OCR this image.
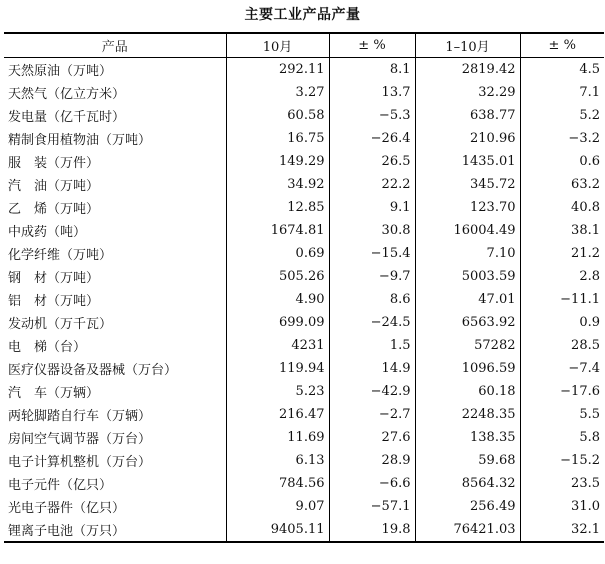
主要工业产品产量
产品	10月	± %	1–10月	± %
天然原油（万吨）	292.11	8.1	2819.42	4.5
天然气（亿立方米）	3.27	13.7	32.29	7.1
发电量（亿千瓦时）	60.58	−5.3	638.77	5.2
精制食用植物油（万吨）	16.75	−26.4	210.96	−3.2
服　装（万件）	149.29	26.5	1435.01	0.6
汽　油（万吨）	34.92	22.2	345.72	63.2
乙　烯（万吨）	12.85	9.1	123.70	40.8
中成药（吨）	1674.81	30.8	16004.49	38.1
化学纤维（万吨）	0.69	−15.4	7.10	21.2
钢　材（万吨）	505.26	−9.7	5003.59	2.8
铝　材（万吨）	4.90	8.6	47.01	−11.1
发动机（万千瓦）	699.09	−24.5	6563.92	0.9
电　梯（台）	4231	1.5	57282	28.5
医疗仪器设备及器械（万台）	119.94	14.9	1096.59	−7.4
汽　车（万辆）	5.23	−42.9	60.18	−17.6
两轮脚踏自行车（万辆）	216.47	−2.7	2248.35	5.5
房间空气调节器（万台）	11.69	27.6	138.35	5.8
电子计算机整机（万台）	6.13	28.9	59.68	−15.2
电子元件（亿只）	784.56	−6.6	8564.32	23.5
光电子器件（亿只）	9.07	−57.1	256.49	31.0
锂离子电池（万只）	9405.11	19.8	76421.03	32.1
